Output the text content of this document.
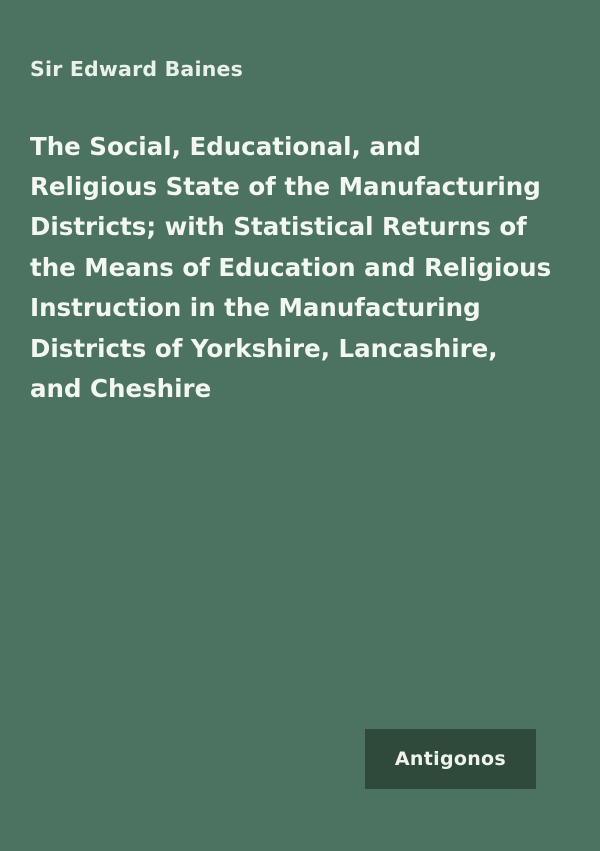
Sir Edward Baines
The Social, Educational, and Religious State of the Manufacturing Districts; with Statistical Returns of the Means of Education and Religious Instruction in the Manufacturing Districts of Yorkshire, Lancashire, and Cheshire
Antigonos
